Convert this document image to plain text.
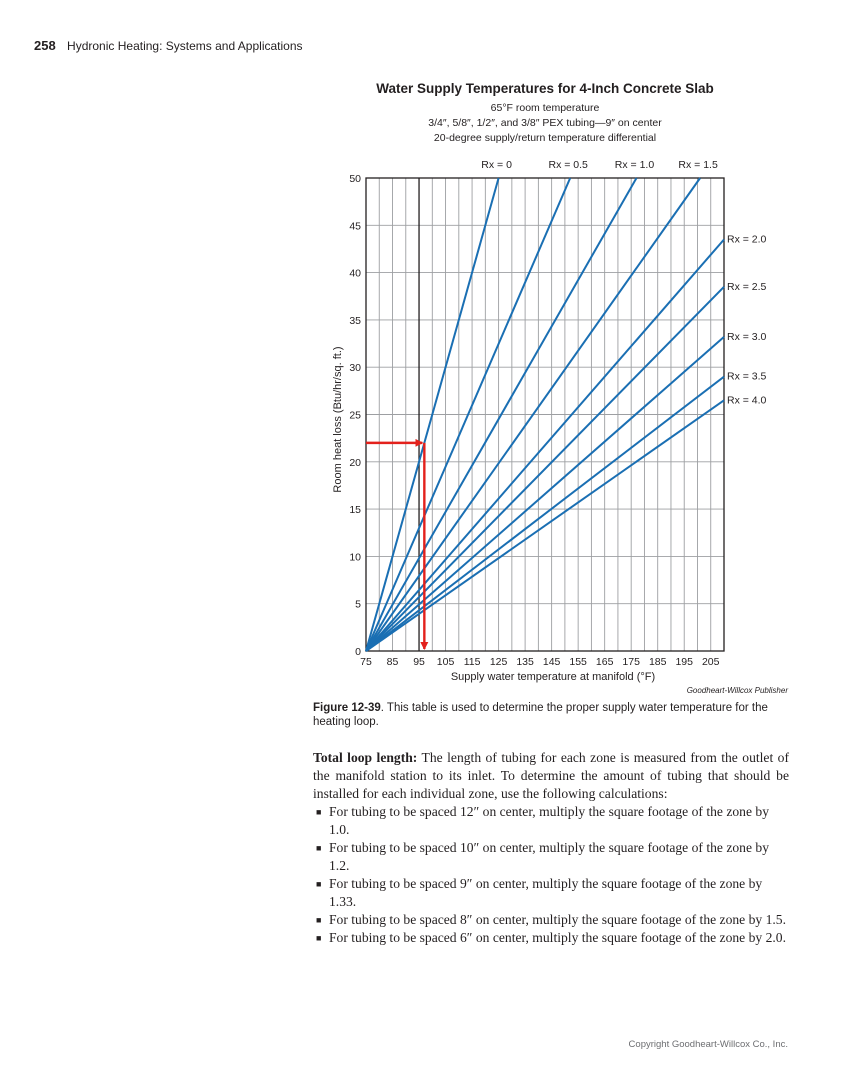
258 Hydronic Heating: Systems and Applications
Water Supply Temperatures for 4-Inch Concrete Slab
65°F room temperature
3/4″, 5/8″, 1/2″, and 3/8″ PEX tubing—9″ on center
20-degree supply/return temperature differential
75 85 95 105 115 125 135 145 155 165 175 185 195 205
0
5
10
15
20
25
30
35
40
45
50
Supply water temperature at manifold (°F)
Room heat loss (Btu/hr/sq. ft.)
Rx = 0	Rx = 0.5	Rx = 1.0 Rx = 1.5
Rx = 2.0
Rx = 2.5
Rx = 3.0
Rx = 3.5
Rx = 4.0
Goodheart-Willcox Publisher
Figure 12-39. This table is used to determine the proper supply water temperature for the heating loop.

Total loop length: The length of tubing for each zone is measured from the outlet of the manifold station to its inlet. To determine the amount of tubing that should be installed for each individual zone, use the following calculations:

■ For tubing to be spaced 12″ on center, multiply the square footage of the zone by 1.0.
■ For tubing to be spaced 10″ on center, multiply the square footage of the zone by 1.2.
■ For tubing to be spaced 9″ on center, multiply the square footage of the zone by 1.33.
■ For tubing to be spaced 8″ on center, multiply the square footage of the zone by 1.5.
■ For tubing to be spaced 6″ on center, multiply the square footage of the zone by 2.0.
Copyright Goodheart-Willcox Co., Inc.
